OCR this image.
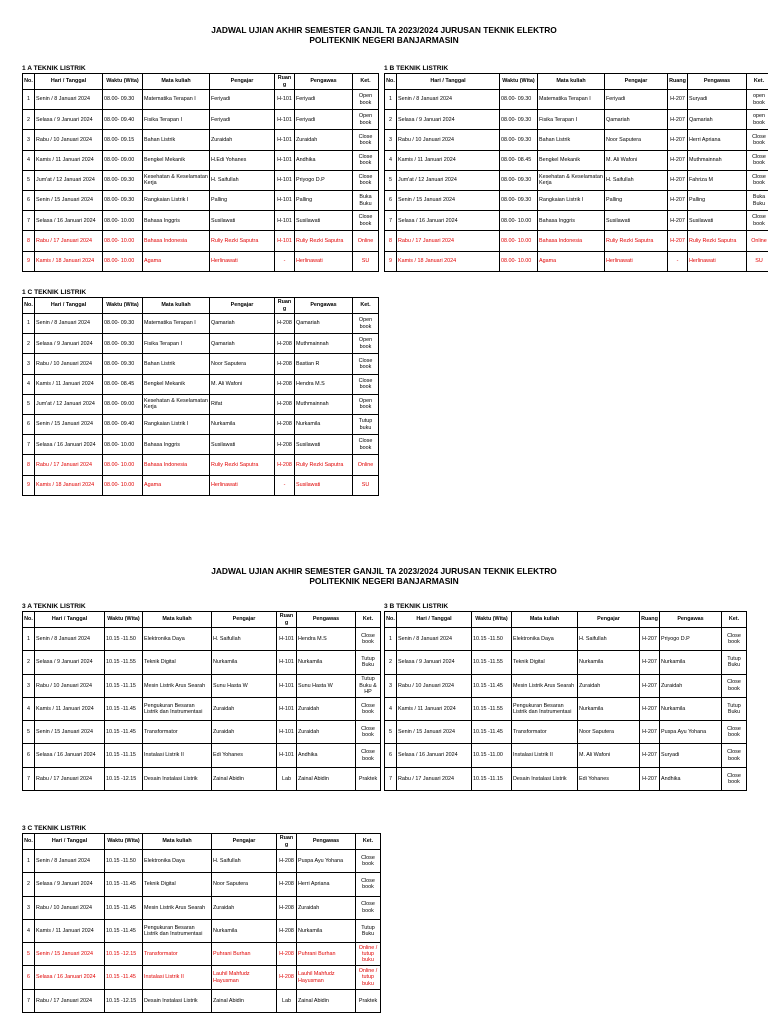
JADWAL UJIAN AKHIR SEMESTER GANJIL TA 2023/2024 JURUSAN TEKNIK ELEKTRO
POLITEKNIK NEGERI BANJARMASIN
1 A TEKNIK LISTRIK
No.	Hari / Tanggal	Waktu (Wita)	Mata kuliah	Pengajar	Ruan g	Pengawas	Ket.
1	Senin / 8 Januari 2024	08.00- 09.30	Matematika Terapan I	Feriyadi	H-101	Feriyadi	Open book
2	Selasa / 9 Januari 2024	08.00- 09.40	Fisika Terapan I	Feriyadi	H-101	Feriyadi	Open book
3	Rabu / 10 Januari 2024	08.00- 09.15	Bahan Listrik	Zuraidah	H-101	Zuraidah	Close book
4	Kamis / 11 Januari 2024	08.00- 09.00	Bengkel Mekanik	H.Edi Yohanes	H-101	Andhika	Close book
5	Jum'at / 12 Januari 2024	08.00- 09.30	Kesehatan & Keselamatan Kerja	H. Saifullah	H-101	Priyogo D.P	Close book
6	Senin / 15 Januari 2024	08.00- 09.30	Rangkaian Listrik I	Palling	H-101	Palling	Buka Buku
7	Selasa / 16 Januari 2024	08.00- 10.00	Bahasa Inggris	Susilawati	H-101	Susilawati	Close book
8	Rabu / 17 Januari 2024	08.00- 10.00	Bahasa Indonesia	Ruliy Rezki Saputra	H-101	Ruliy Rezki Saputra	Online
9	Kamis / 18 Januari 2024	08.00- 10.00	Agama	Herlinawati	-	Herlinawati	SU
1 B TEKNIK LISTRIK
No.	Hari / Tanggal	Waktu (Wita)	Mata kuliah	Pengajar	Ruang	Pengawas	Ket.
1	Senin / 8 Januari 2024	08.00- 09.30	Matematika Terapan I	Feriyadi	H-207	Suryadi	open book
2	Selasa / 9 Januari 2024	08.00- 09.30	Fisika Terapan I	Qamariah	H-207	Qamariah	open book
3	Rabu / 10 Januari 2024	08.00- 09.30	Bahan Listrik	Noor Saputera	H-207	Herri Apriana	Close book
4	Kamis / 11 Januari 2024	08.00- 08.45	Bengkel Mekanik	M. Ali Wafoni	H-207	Muthmainnah	Close book
5	Jum'at / 12 Januari 2024	08.00- 09.30	Kesehatan & Keselamatan Kerja	H. Saifullah	H-207	Fahriza M	Close book
6	Senin / 15 Januari 2024	08.00- 09.30	Rangkaian Listrik I	Palling	H-207	Palling	Buka Buku
7	Selasa / 16 Januari 2024	08.00- 10.00	Bahasa Inggris	Susilawati	H-207	Susilawati	Close book
8	Rabu / 17 Januari 2024	08.00- 10.00	Bahasa Indonesia	Ruliy Rezki Saputra	H-207	Ruliy Rezki Saputra	Online
9	Kamis / 18 Januari 2024	08.00- 10.00	Agama	Herlinawati	-	Herlinawati	SU
1 C TEKNIK LISTRIK
No.	Hari / Tanggal	Waktu (Wita)	Mata kuliah	Pengajar	Ruan g	Pengawas	Ket.
1	Senin / 8 Januari 2024	08.00- 09.30	Matematika Terapan I	Qamariah	H-208	Qamariah	Open book
2	Selasa / 9 Januari 2024	08.00- 09.30	Fisika Terapan I	Qamariah	H-208	Muthmainnah	Open book
3	Rabu / 10 Januari 2024	08.00- 09.30	Bahan Listrik	Noor Saputera	H-208	Bastian R	Close book
4	Kamis / 11 Januari 2024	08.00- 08.45	Bengkel Mekanik	M. Ali Wafoni	H-208	Hendra M.S	Close book
5	Jum'at / 12 Januari 2024	08.00- 09.00	Kesehatan & Keselamatan Kerja	Rifat	H-208	Muthmainnah	Open book
6	Senin / 15 Januari 2024	08.00- 09.40	Rangkaian Listrik I	Nurkamila	H-208	Nurkamila	Tutup buku
7	Selasa / 16 Januari 2024	08.00- 10.00	Bahasa Inggris	Susilawati	H-208	Susilawati	Close book
8	Rabu / 17 Januari 2024	08.00- 10.00	Bahasa Indonesia	Ruliy Rezki Saputra	H-208	Ruliy Rezki Saputra	Online
9	Kamis / 18 Januari 2024	08.00- 10.00	Agama	Herlinawati	-	Susilawati	SU
JADWAL UJIAN AKHIR SEMESTER GANJIL TA 2023/2024 JURUSAN TEKNIK ELEKTRO
POLITEKNIK NEGERI BANJARMASIN
3 A TEKNIK LISTRIK
No.	Hari / Tanggal	Waktu (Wita)	Mata kuliah	Pengajar	Ruan g	Pengawas	Ket.
1	Senin / 8 Januari 2024	10.15 -11.50	Elektronika Daya	H. Saifullah	H-101	Hendra M.S	Close book
2	Selasa / 9 Januari 2024	10.15 -11.55	Teknik Digital	Nurkamila	H-101	Nurkamila	Tutup Buku
3	Rabu / 10 Januari 2024	10.15 -11.15	Mesin Listrik Arus Searah	Sunu Hasta W	H-101	Sunu Hasta W	Tutup Buku & HP
4	Kamis / 11 Januari 2024	10.15 -11.45	Pengukuran Besaran Listrik dan Instrumentasi	Zuraidah	H-101	Zuraidah	Close book
5	Senin / 15 Januari 2024	10.15 -11.45	Transformator	Zuraidah	H-101	Zuraidah	Close book
6	Selasa / 16 Januari 2024	10.15 -11.15	Instalasi Listrik II	Edi Yohanes	H-101	Andhika	Close book
7	Rabu / 17 Januari 2024	10.15 -12.15	Desain Instalasi Listrik	Zainal Abidin	Lab	Zainal Abidin	Praktek
3 B TEKNIK LISTRIK
No.	Hari / Tanggal	Waktu (Wita)	Mata kuliah	Pengajar	Ruang	Pengawas	Ket.
1	Senin / 8 Januari 2024	10.15 -11.50	Elektronika Daya	H. Saifullah	H-207	Priyogo D.P	Close book
2	Selasa / 9 Januari 2024	10.15 -11.55	Teknik Digital	Nurkamila	H-207	Nurkamila	Tutup Buku
3	Rabu / 10 Januari 2024	10.15 -11.45	Mesin Listrik Arus Searah	Zuraidah	H-207	Zuraidah	Close book
4	Kamis / 11 Januari 2024	10.15 -11.55	Pengukuran Besaran Listrik dan Instrumentasi	Nurkamila	H-207	Nurkamila	Tutup Buku
5	Senin / 15 Januari 2024	10.15 -11.45	Transformator	Noor Saputera	H-207	Puspa Ayu Yohana	Close book
6	Selasa / 16 Januari 2024	10.15 -11.00	Instalasi Listrik II	M. Ali Wafoni	H-207	Suryadi	Close book
7	Rabu / 17 Januari 2024	10.15 -11.15	Desain Instalasi Listrik	Edi Yohanes	H-207	Andhika	Close book
3 C TEKNIK LISTRIK
No.	Hari / Tanggal	Waktu (Wita)	Mata kuliah	Pengajar	Ruan g	Pengawas	Ket.
1	Senin / 8 Januari 2024	10.15 -11.50	Elektronika Daya	H. Saifullah	H-208	Puspa Ayu Yohana	Close book
2	Selasa / 9 Januari 2024	10.15 -11.45	Teknik Digital	Noor Saputera	H-208	Herri Apriana	Close book
3	Rabu / 10 Januari 2024	10.15 -11.45	Mesin Listrik Arus Searah	Zuraidah	H-208	Zuraidah	Close book
4	Kamis / 11 Januari 2024	10.15 -11.45	Pengukuran Besaran Listrik dan Instrumentasi	Nurkamila	H-208	Nurkamila	Tutup Buku
5	Senin / 15 Januari 2024	10.15 -12.15	Transformator	Puhrani Burhan	H-208	Puhrani Burhan	Online / tutup buku
6	Selasa / 16 Januari 2024	10.15 -11.45	Instalasi Listrik II	Lauhil Mahfudz Hayusman	H-208	Lauhil Mahfudz Hayusman	Online / tutup buku
7	Rabu / 17 Januari 2024	10.15 -12.15	Desain Instalasi Listrik	Zainal Abidin	Lab	Zainal Abidin	Praktek
